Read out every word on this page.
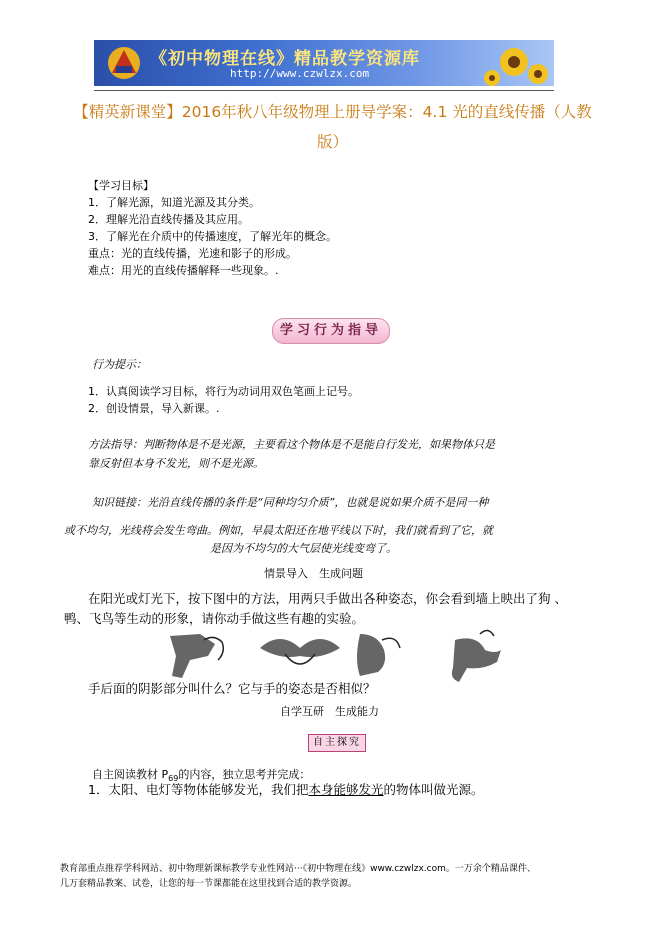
《初中物理在线》精品教学资源库
http://www.czwlzx.com
【精英新课堂】2016年秋八年级物理上册导学案：4.1 光的直线传播（人教
版）
【学习目标】
1．了解光源，知道光源及其分类。
2．理解光沿直线传播及其应用。
3．了解光在介质中的传播速度，了解光年的概念。
重点：光的直线传播，光速和影子的形成。
难点：用光的直线传播解释一些现象。.
学习行为指导
行为提示：
1．认真阅读学习目标，将行为动词用双色笔画上记号。
2．创设情景，导入新课。.
方法指导：判断物体是不是光源，主要看这个物体是不是能自行发光，如果物体只是
靠反射但本身不发光，则不是光源。
知识链接：光沿直线传播的条件是“同种均匀介质”，也就是说如果介质不是同一种
或不均匀，光线将会发生弯曲。例如，早晨太阳还在地平线以下时，我们就看到了它，就
是因为不均匀的大气层使光线变弯了。
情景导入　生成问题
在阳光或灯光下，按下图中的方法，用两只手做出各种姿态，你会看到墙上映出了狗 、
鸭、飞鸟等生动的形象，请你动手做这些有趣的实验。
手后面的阴影部分叫什么？它与手的姿态是否相似？
自学互研　生成能力
自主探究
自主阅读教材 $P_{69}$的内容，独立思考并完成：
1．太阳、电灯等物体能够发光，我们把本身能够发光的物体叫做光源。
教育部重点推荐学科网站、初中物理新课标教学专业性网站···《初中物理在线》www.czwlzx.com。一万余个精品课件、
几万套精品教案、试卷，让您的每一节课都能在这里找到合适的教学资源。
